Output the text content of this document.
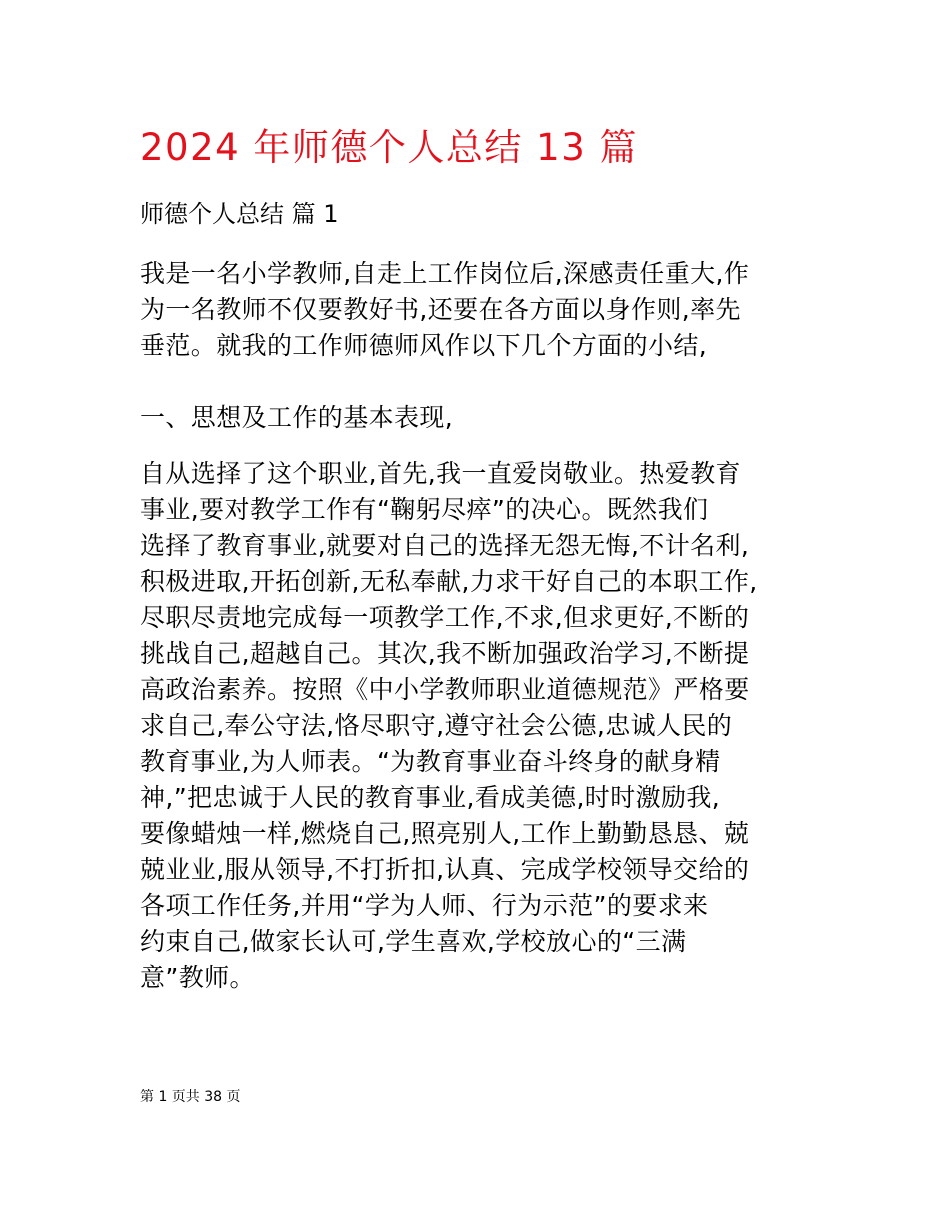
2024 年师德个人总结 13 篇
师德个人总结 篇 1

我是一名小学教师,自走上工作岗位后,深感责任重大,作
为一名教师不仅要教好书,还要在各方面以身作则,率先
垂范。就我的工作师德师风作以下几个方面的小结,

一、思想及工作的基本表现,

自从选择了这个职业,首先,我一直爱岗敬业。热爱教育
事业,要对教学工作有“鞠躬尽瘁”的决心。既然我们
选择了教育事业,就要对自己的选择无怨无悔,不计名利,
积极进取,开拓创新,无私奉献,力求干好自己的本职工作,
尽职尽责地完成每一项教学工作,不求,但求更好,不断的
挑战自己,超越自己。其次,我不断加强政治学习,不断提
高政治素养。按照《中小学教师职业道德规范》严格要
求自己,奉公守法,恪尽职守,遵守社会公德,忠诚人民的
教育事业,为人师表。“为教育事业奋斗终身的献身精
神,”把忠诚于人民的教育事业,看成美德,时时激励我,
要像蜡烛一样,燃烧自己,照亮别人,工作上勤勤恳恳、兢
兢业业,服从领导,不打折扣,认真、完成学校领导交给的
各项工作任务,并用“学为人师、行为示范”的要求来
约束自己,做家长认可,学生喜欢,学校放心的“三满
意”教师。

第 1 页共 38 页
